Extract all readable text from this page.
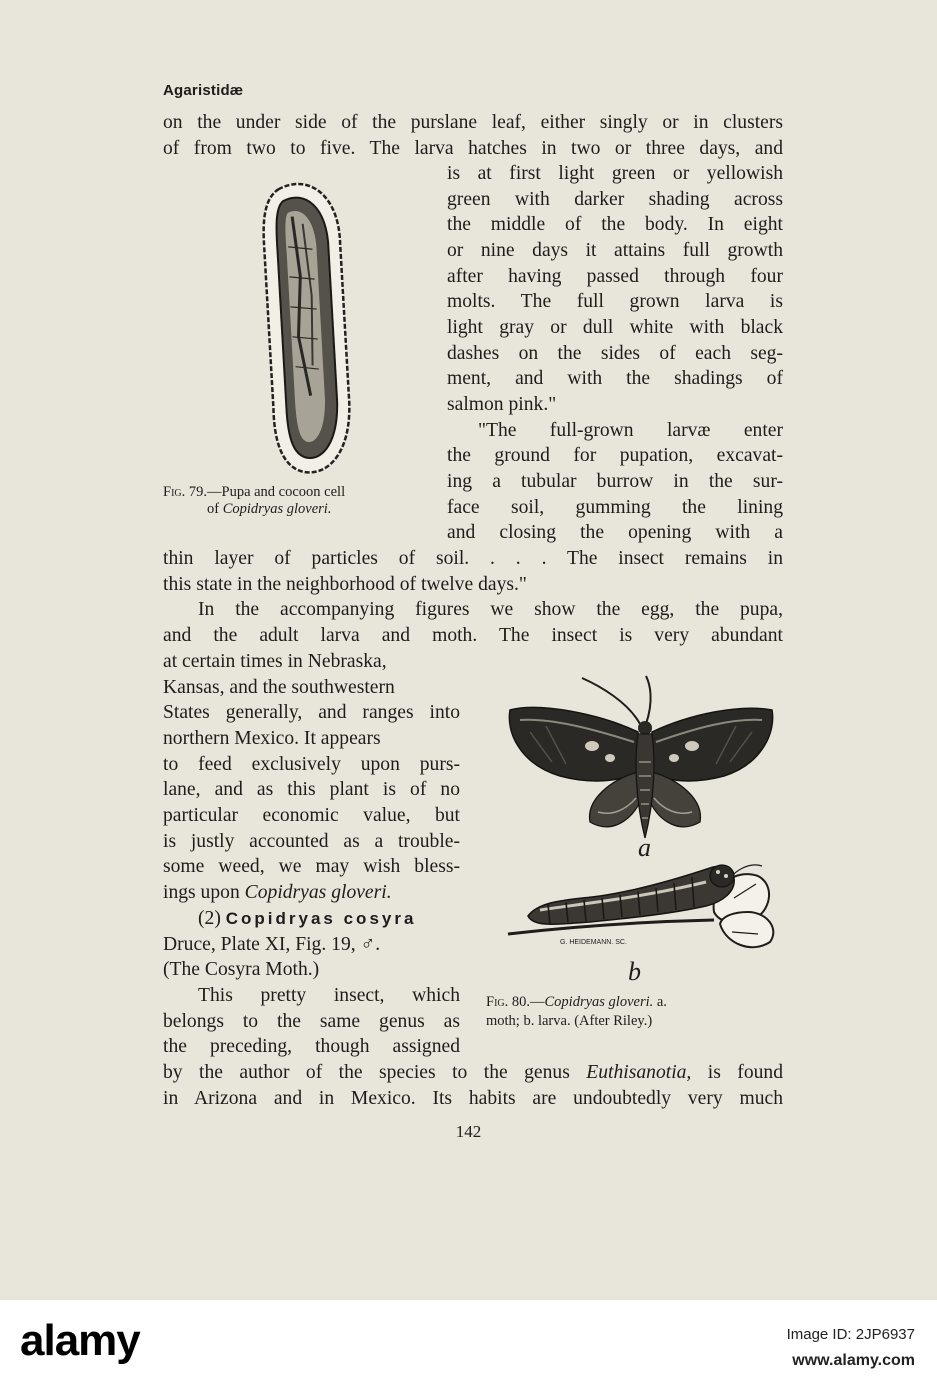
Agaristidæ
on the under side of the purslane leaf, either singly or in clusters
of from two to five. The larva hatches in two or three days, and
is at first light green or yellowish
green with darker shading across
the middle of the body. In eight
or nine days it attains full growth
after having passed through four
molts. The full grown larva is
light gray or dull white with black
dashes on the sides of each seg-
ment, and with the shadings of
salmon pink."
"The full-grown larvæ enter
the ground for pupation, excavat-
ing a tubular burrow in the sur-
face soil, gumming the lining
and closing the opening with a
Fig. 79.—Pupa and cocoon cell
of Copidryas gloveri.
thin layer of particles of soil. . . . The insect remains in
this state in the neighborhood of twelve days."
In the accompanying figures we show the egg, the pupa,
and the adult larva and moth. The insect is very abundant
at certain times in Nebraska,
Kansas, and the southwestern
States generally, and ranges into
northern Mexico. It appears
to feed exclusively upon purs-
lane, and as this plant is of no
particular economic value, but
is justly accounted as a trouble-
some weed, we may wish bless-
ings upon Copidryas gloveri.
(2) Copidryas cosyra
Druce, Plate XI, Fig. 19, ♂.
(The Cosyra Moth.)
This pretty insect, which
belongs to the same genus as
the preceding, though assigned
a
G. HEIDEMANN. SC.
b
Fig. 80.—Copidryas gloveri. a.
moth; b. larva. (After Riley.)
by the author of the species to the genus Euthisanotia, is found
in Arizona and in Mexico. Its habits are undoubtedly very much
142
alamy	Image ID: 2JP6937
www.alamy.com
